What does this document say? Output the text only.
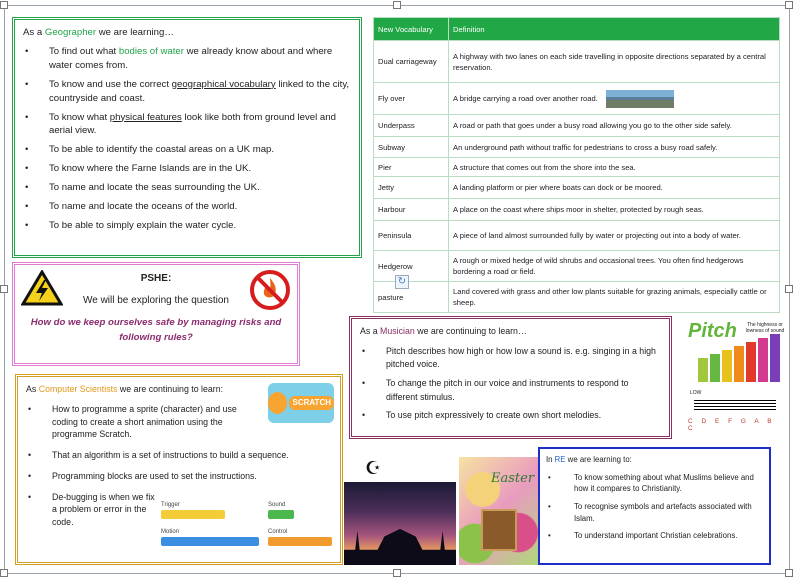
As a Geographer we are learning…
• To find out what bodies of water we already know about and where water comes from.
• To know and use the correct geographical vocabulary linked to the city, countryside and coast.
• To know what physical features look like both from ground level and aerial view.
• To be able to identify the coastal areas on a UK map.
• To know where the Farne Islands are in the UK.
• To name and locate the seas surrounding the UK.
• To name and locate the oceans of the world.
• To be able to simply explain the water cycle.
New Vocabulary	Definition
Dual carriageway	A highway with two lanes on each side travelling in opposite directions separated by a central reservation.
Fly over	A bridge carrying a road over another road.
Underpass	A road or path that goes under a busy road allowing you go to the other side safely.
Subway	An underground path without traffic for pedestrians to cross a busy road safely.
Pier	A structure that comes out from the shore into the sea.
Jetty	A landing platform or pier where boats can dock or be moored.
Harbour	A place on the coast where ships moor in shelter, protected by rough seas.
Peninsula	A piece of land almost surrounded fully by water or projecting out into a body of water.
Hedgerow	A rough or mixed hedge of wild shrubs and occasional trees. You often find hedgerows bordering a road or field.
pasture	Land covered with grass and other low plants suitable for grazing animals, especially cattle or sheep.
↻
PSHE:
We will be exploring the question
How do we keep ourselves safe by managing risks and following rules?
As Computer Scientists we are continuing to learn:
• How to programme a sprite (character) and use coding to create a short animation using the programme Scratch.
• That an algorithm is a set of instructions to build a sequence.
• Programming blocks are used to set the instructions.
• De-bugging is when we fix a problem or error in the code.
SCRATCH
Trigger	Sound
Motion	Control
As a Musician we are continuing to learn…
• Pitch describes how high or how low a sound is. e.g. singing in a high pitched voice.
• To change the pitch in our voice and instruments to respond to different stimulus.
• To use pitch expressively to create own short melodies.
Pitch	The highness or lowness of sound
LOW
C D E F G A B C
In RE we are learning to:
• To know something about what Muslims believe and how it compares to Christianity.
• To recognise symbols and artefacts associated with Islam.
• To understand important Christian celebrations.
☪
Easter
